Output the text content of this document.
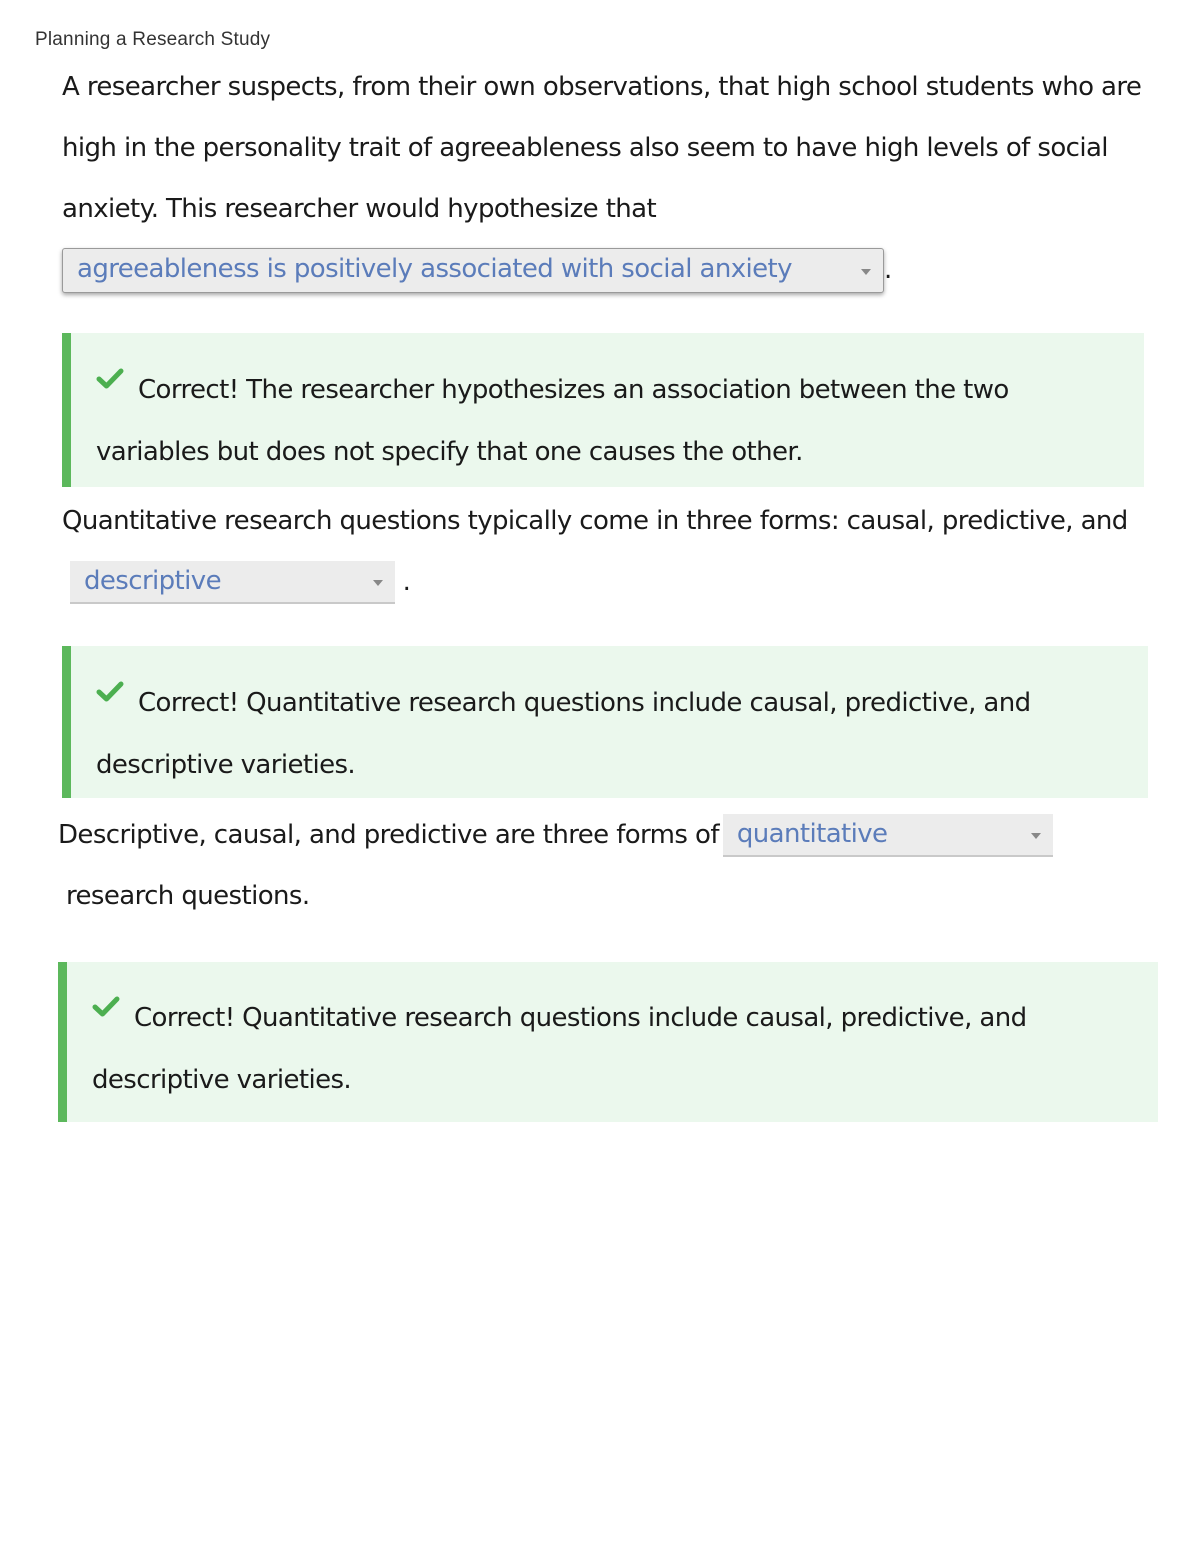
Planning a Research Study

A researcher suspects, from their own observations, that high school students who are high in the personality trait of agreeableness also seem to have high levels of social anxiety. This researcher would hypothesize that agreeableness is positively associated with social anxiety	.

Correct! The researcher hypothesizes an association between the two variables but does not specify that one causes the other.

Quantitative research questions typically come in three forms: causal, predictive, anddescriptive	.

Correct! Quantitative research questions include causal, predictive, and descriptive varieties.

Descriptive, causal, and predictive are three forms of quantitative

research questions.

Correct! Quantitative research questions include causal, predictive, and descriptive varieties.
